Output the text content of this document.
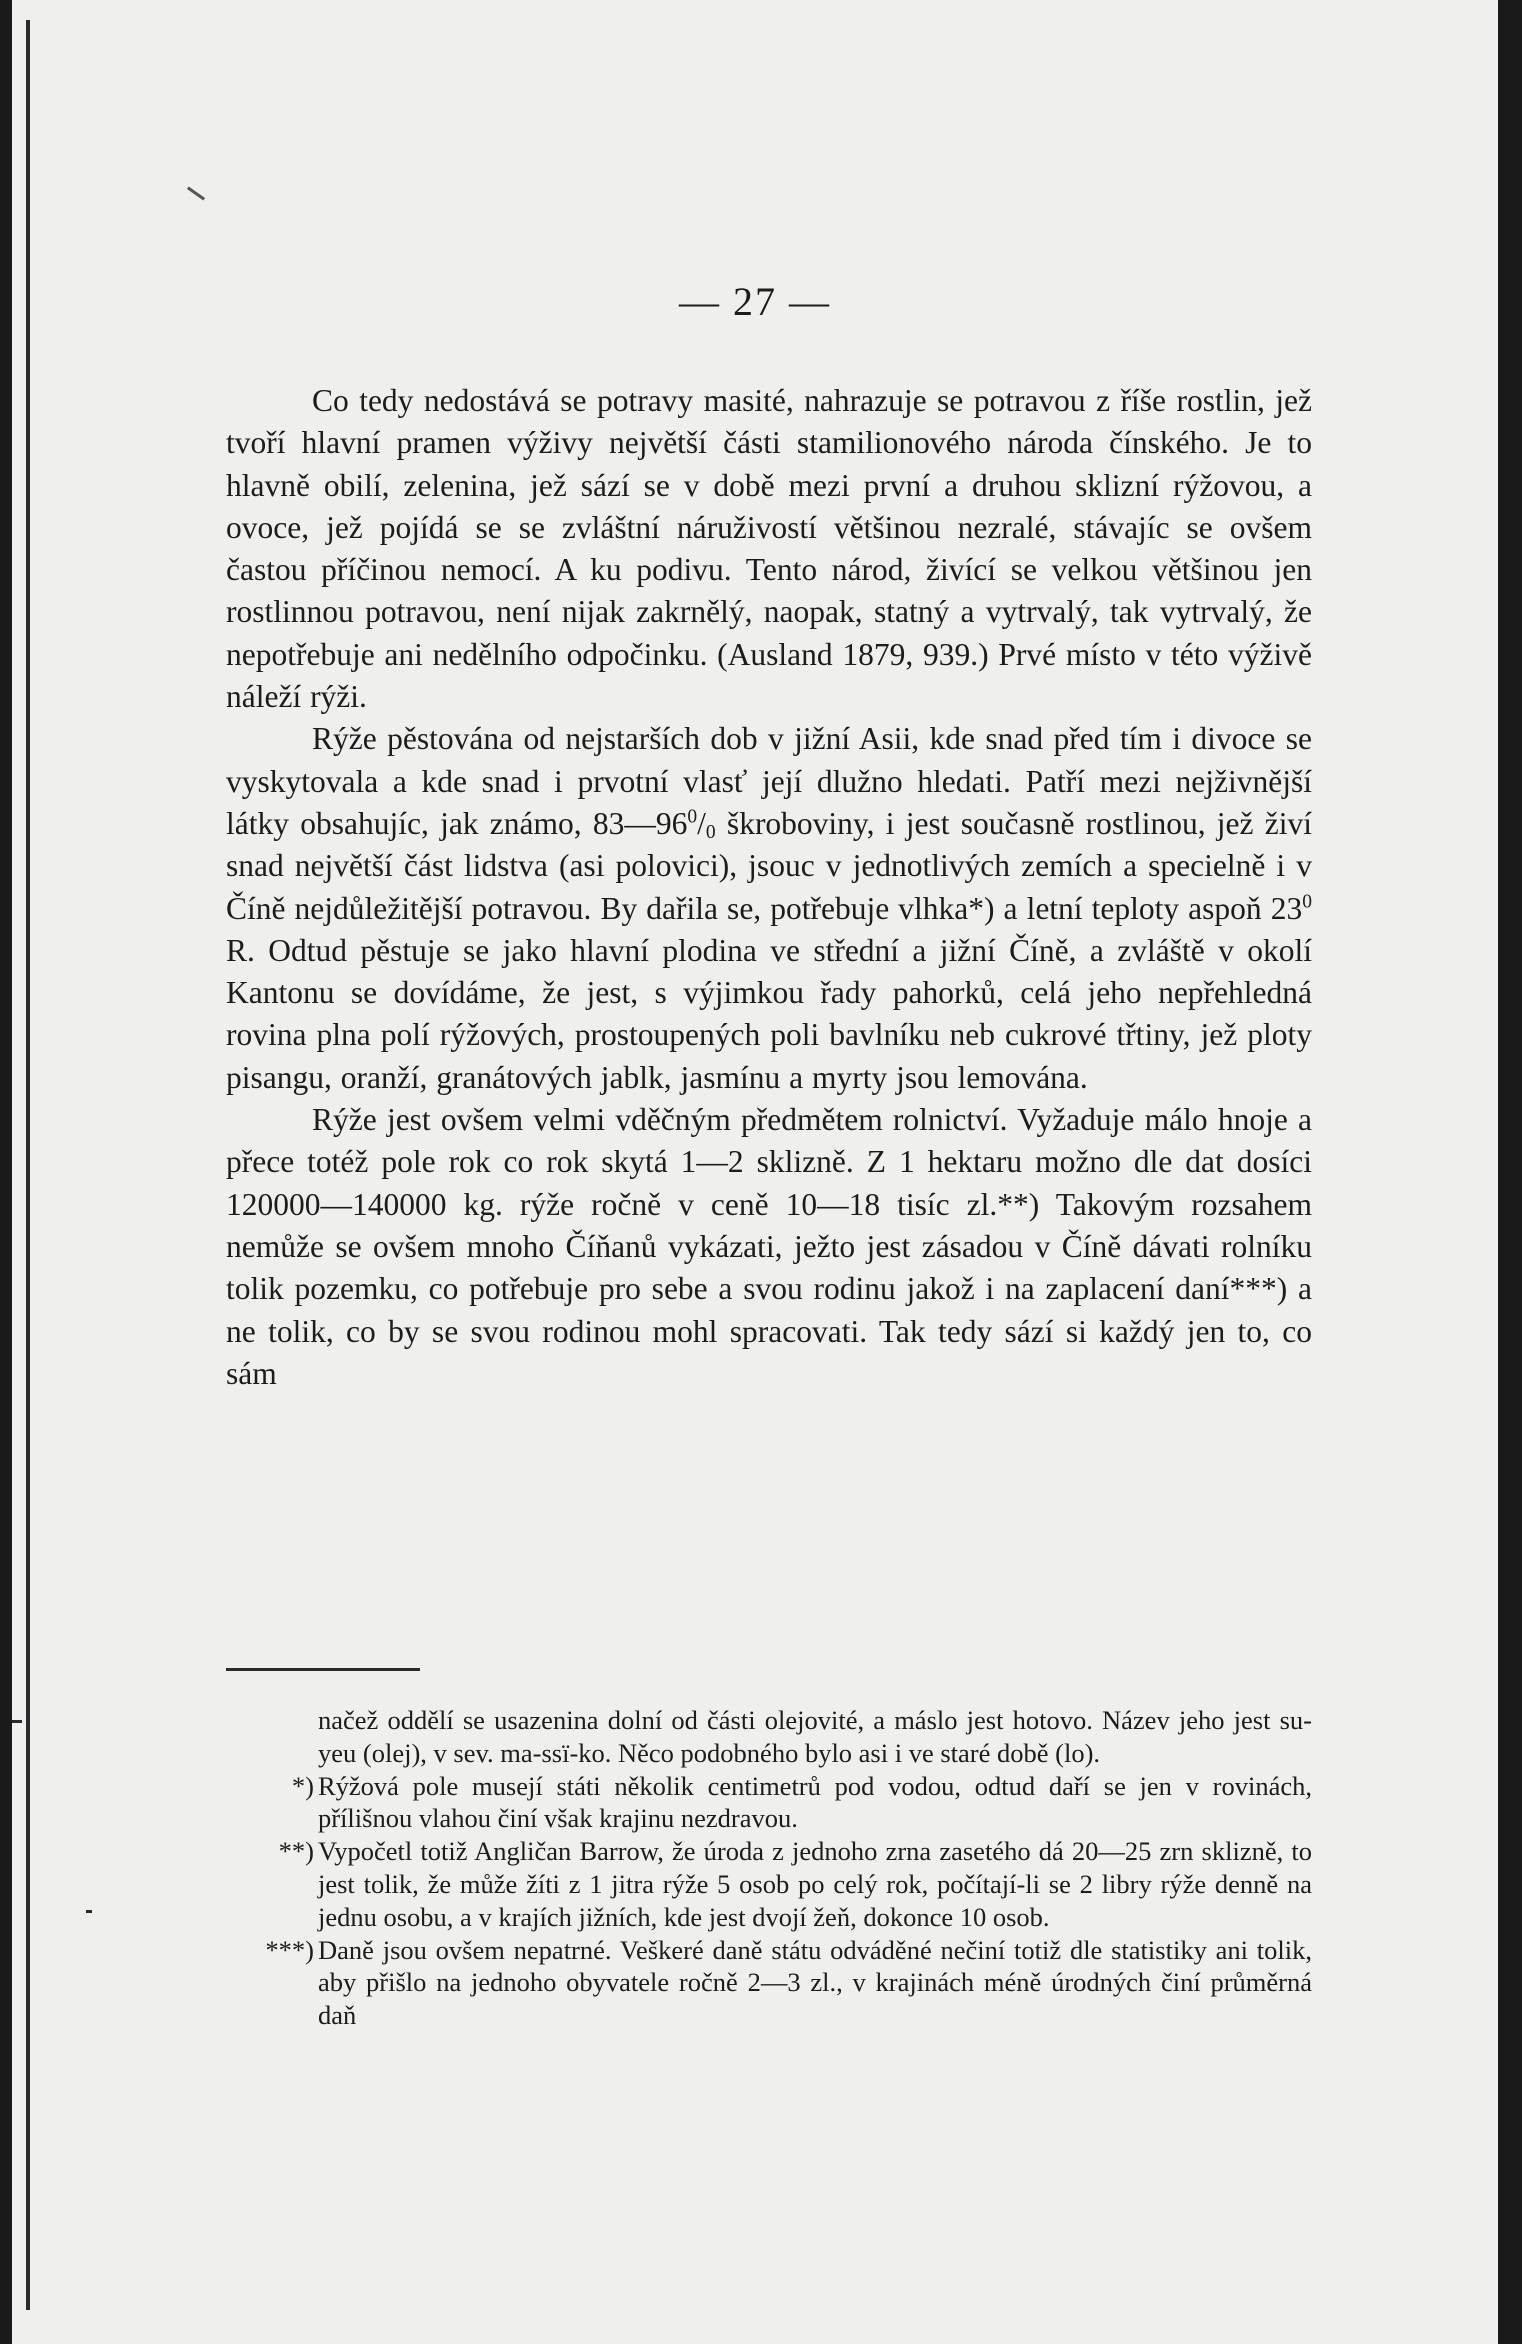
— 27 —

Co tedy nedostává se potravy masité, nahrazuje se potravou z říše rostlin, jež tvoří hlavní pramen výživy největší části stamilionového národa čínského. Je to hlavně obilí, zelenina, jež sází se v době mezi první a druhou sklizní rýžovou, a ovoce, jež pojídá se se zvláštní náruživostí většinou nezralé, stávajíc se ovšem častou příčinou nemocí. A ku podivu. Tento národ, živící se velkou většinou jen rostlinnou potravou, není nijak zakrnělý, naopak, statný a vytrvalý, tak vytrvalý, že nepotřebuje ani nedělního odpočinku. (Ausland 1879, 939.) Prvé místo v této výživě náleží rýži.

Rýže pěstována od nejstarších dob v jižní Asii, kde snad před tím i divoce se vyskytovala a kde snad i prvotní vlasť její dlužno hledati. Patří mezi nejživnější látky obsahujíc, jak známo, $83—96^0/_0$ škroboviny, i jest současně rostlinou, jež živí snad největší část lidstva (asi polovici), jsouc v jednotlivých zemích a specielně i v Číně nejdůležitější potravou. By dařila se, potřebuje vlhka*) a letní teploty aspoň $23^0$ R. Odtud pěstuje se jako hlavní plodina ve střední a jižní Číně, a zvláště v okolí Kantonu se dovídáme, že jest, s výjimkou řady pahorků, celá jeho nepřehledná rovina plna polí rýžových, prostoupených poli bavlníku neb cukrové třtiny, jež ploty pisangu, oranží, granátových jablk, jasmínu a myrty jsou lemována.

Rýže jest ovšem velmi vděčným předmětem rolnictví. Vyžaduje málo hnoje a přece totéž pole rok co rok skytá 1—2 sklizně. Z 1 hektaru možno dle dat dosíci 120000—140000 kg. rýže ročně v ceně 10—18 tisíc zl.**) Takovým rozsahem nemůže se ovšem mnoho Číňanů vykázati, ježto jest zásadou v Číně dávati rolníku tolik pozemku, co potřebuje pro sebe a svou rodinu jakož i na zaplacení daní***) a ne tolik, co by se svou rodinou mohl spracovati. Tak tedy sází si každý jen to, co sám

načež oddělí se usazenina dolní od části olejovité, a máslo jest hotovo. Název jeho jest su-yeu (olej), v sev. ma-ssï-ko. Něco podobného bylo asi i ve staré době (lo).

*) Rýžová pole musejí státi několik centimetrů pod vodou, odtud daří se jen v rovinách, přílišnou vlahou činí však krajinu nezdravou.

**) Vypočetl totiž Angličan Barrow, že úroda z jednoho zrna zasetého dá 20—25 zrn sklizně, to jest tolik, že může žíti z 1 jitra rýže 5 osob po celý rok, počítají-li se 2 libry rýže denně na jednu osobu, a v krajích jižních, kde jest dvojí žeň, dokonce 10 osob.

***) Daně jsou ovšem nepatrné. Veškeré daně státu odváděné nečiní totiž dle statistiky ani tolik, aby přišlo na jednoho obyvatele ročně 2—3 zl., v krajinách méně úrodných činí průměrná daň
